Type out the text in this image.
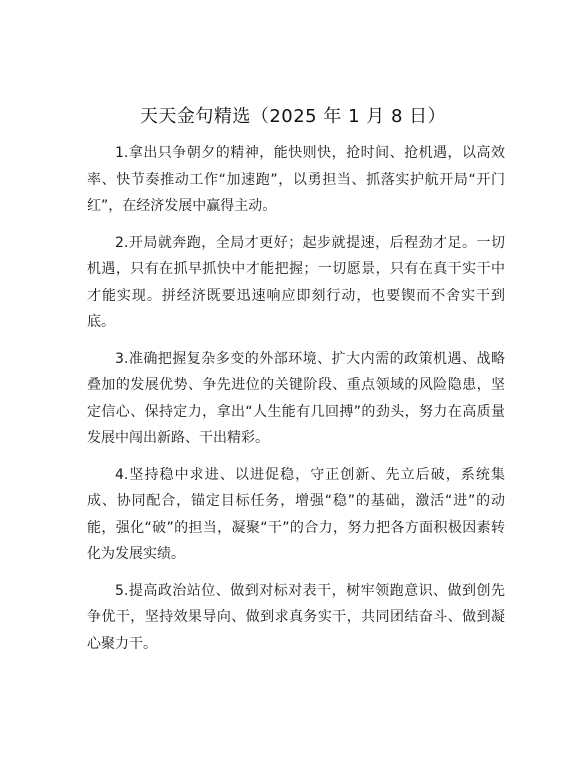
天天金句精选（2025 年 1 月 8 日）

1.拿出只争朝夕的精神，能快则快，抢时间、抢机遇，以高效率、快节奏推动工作“加速跑”，以勇担当、抓落实护航开局“开门红”，在经济发展中赢得主动。

2.开局就奔跑，全局才更好；起步就提速，后程劲才足。一切机遇，只有在抓早抓快中才能把握；一切愿景，只有在真干实干中才能实现。拼经济既要迅速响应即刻行动，也要锲而不舍实干到底。

3.准确把握复杂多变的外部环境、扩大内需的政策机遇、战略叠加的发展优势、争先进位的关键阶段、重点领域的风险隐患，坚定信心、保持定力，拿出“人生能有几回搏”的劲头，努力在高质量发展中闯出新路、干出精彩。

4.坚持稳中求进、以进促稳，守正创新、先立后破，系统集成、协同配合，锚定目标任务，增强“稳”的基础，激活“进”的动能，强化“破”的担当，凝聚“干”的合力，努力把各方面积极因素转化为发展实绩。

5.提高政治站位、做到对标对表干，树牢领跑意识、做到创先争优干，坚持效果导向、做到求真务实干，共同团结奋斗、做到凝心聚力干。
